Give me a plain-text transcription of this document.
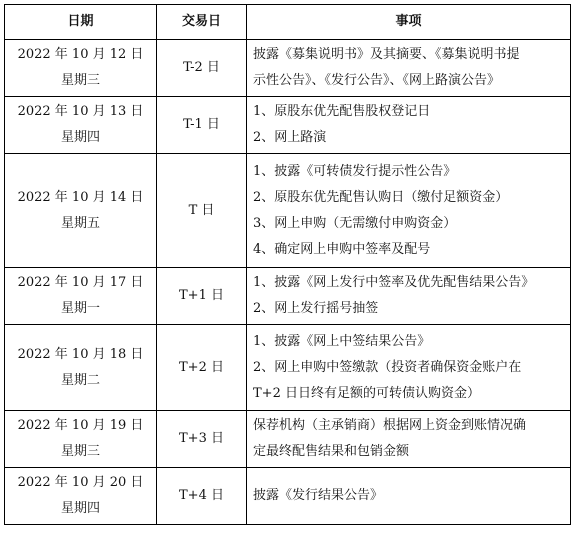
日期	交易日	事项

2022 年 10 月 12 日
星期三	T-2 日	披露《募集说明书》及其摘要、《募集说明书提
示性公告》、《发行公告》、《网上路演公告》

2022 年 10 月 13 日
星期四	T-1 日	1、原股东优先配售股权登记日
2、网上路演

2022 年 10 月 14 日
星期五	T 日	1、披露《可转债发行提示性公告》
2、原股东优先配售认购日（缴付足额资金）
3、网上申购（无需缴付申购资金）
4、确定网上申购中签率及配号

2022 年 10 月 17 日
星期一	T+1 日	1、披露《网上发行中签率及优先配售结果公告》
2、网上发行摇号抽签

2022 年 10 月 18 日
星期二	T+2 日	1、披露《网上中签结果公告》
2、网上申购中签缴款（投资者确保资金账户在
T+2 日日终有足额的可转债认购资金）

2022 年 10 月 19 日
星期三	T+3 日	保荐机构（主承销商）根据网上资金到账情况确
定最终配售结果和包销金额

2022 年 10 月 20 日
星期四	T+4 日	披露《发行结果公告》
